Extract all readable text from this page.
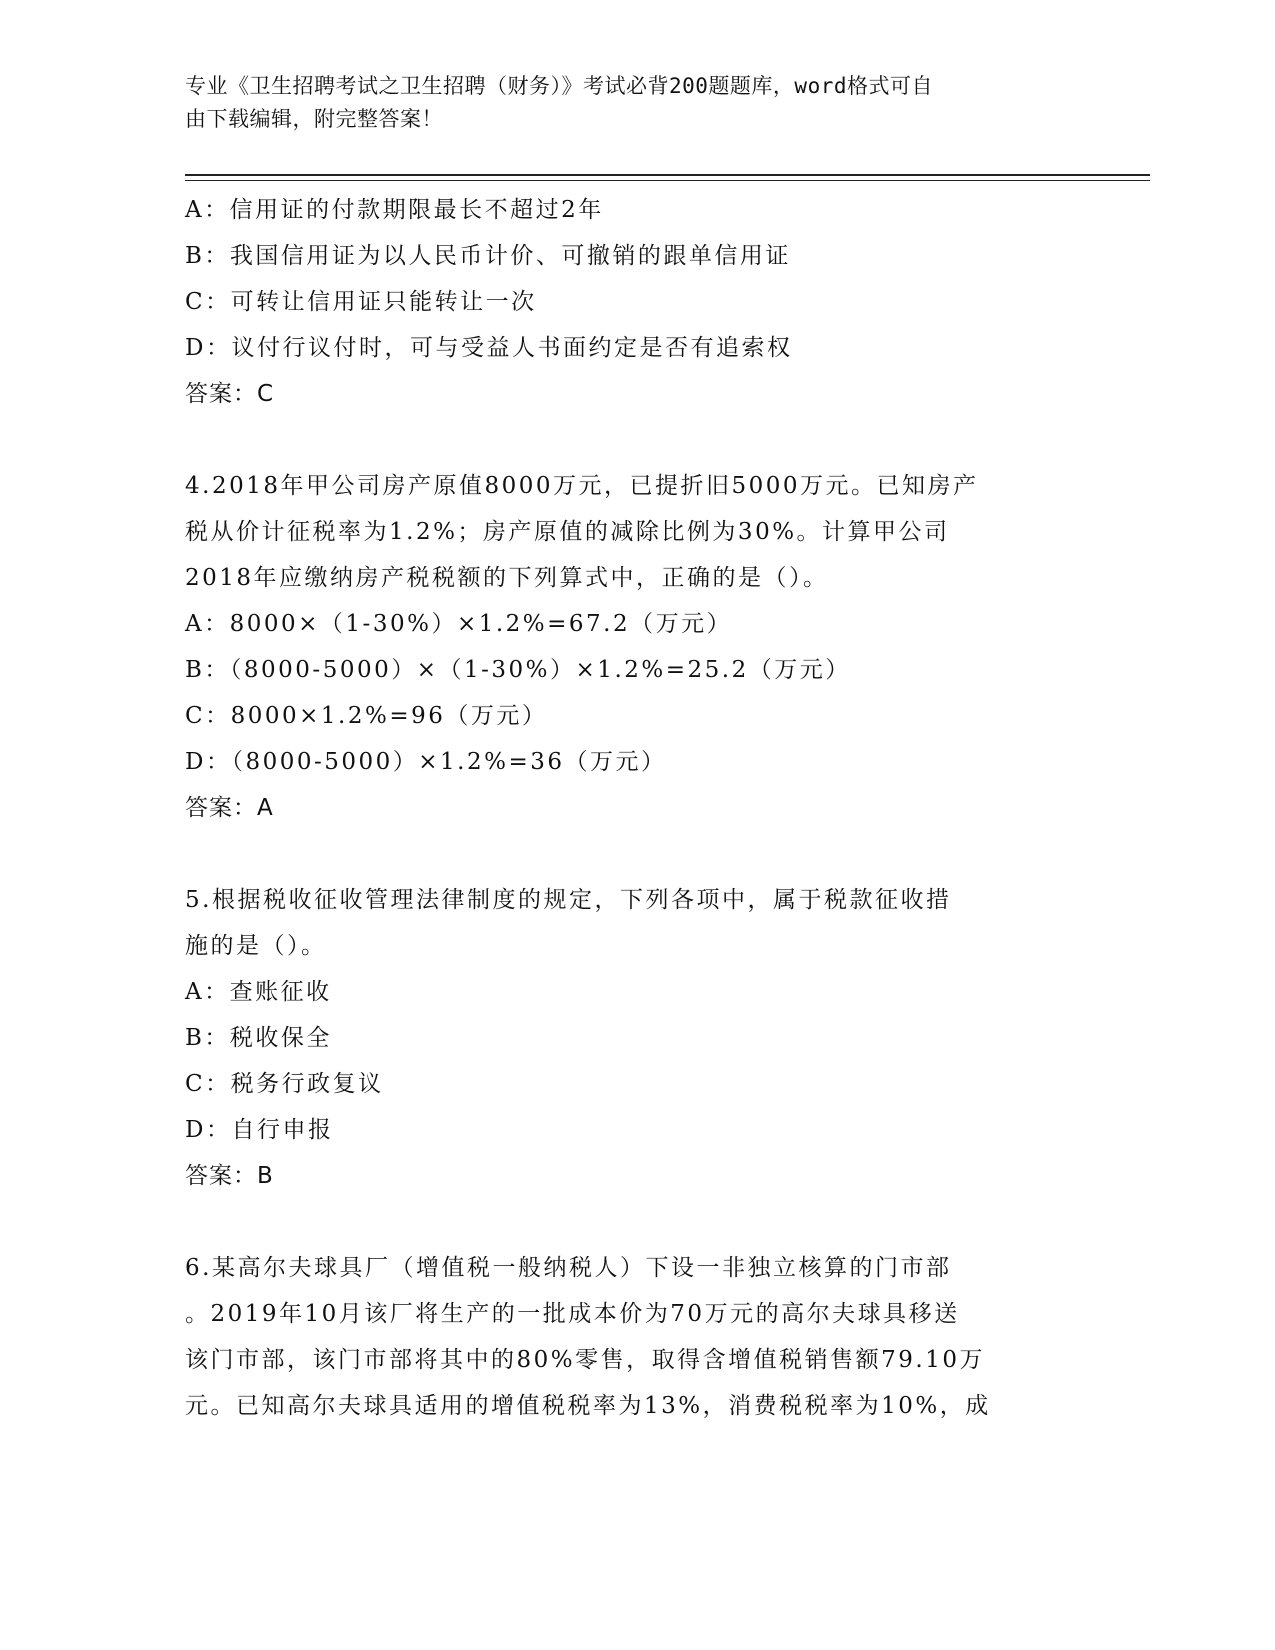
专业《卫生招聘考试之卫生招聘（财务）》考试必背200题题库，word格式可自
由下载编辑，附完整答案！
A：信用证的付款期限最长不超过2年
B：我国信用证为以人民币计价、可撤销的跟单信用证
C：可转让信用证只能转让一次
D：议付行议付时，可与受益人书面约定是否有追索权
答案：C
4.2018年甲公司房产原值8000万元，已提折旧5000万元。已知房产
税从价计征税率为1.2%；房产原值的减除比例为30%。计算甲公司
2018年应缴纳房产税税额的下列算式中，正确的是（）。
A：8000×（1-30%）×1.2%=67.2（万元）
B：（8000-5000）×（1-30%）×1.2%=25.2（万元）
C：8000×1.2%=96（万元）
D：（8000-5000）×1.2%=36（万元）
答案：A
5.根据税收征收管理法律制度的规定，下列各项中，属于税款征收措
施的是（）。
A：查账征收
B：税收保全
C：税务行政复议
D：自行申报
答案：B
6.某高尔夫球具厂（增值税一般纳税人）下设一非独立核算的门市部
。2019年10月该厂将生产的一批成本价为70万元的高尔夫球具移送
该门市部，该门市部将其中的80%零售，取得含增值税销售额79.10万
元。已知高尔夫球具适用的增值税税率为13%，消费税税率为10%，成
